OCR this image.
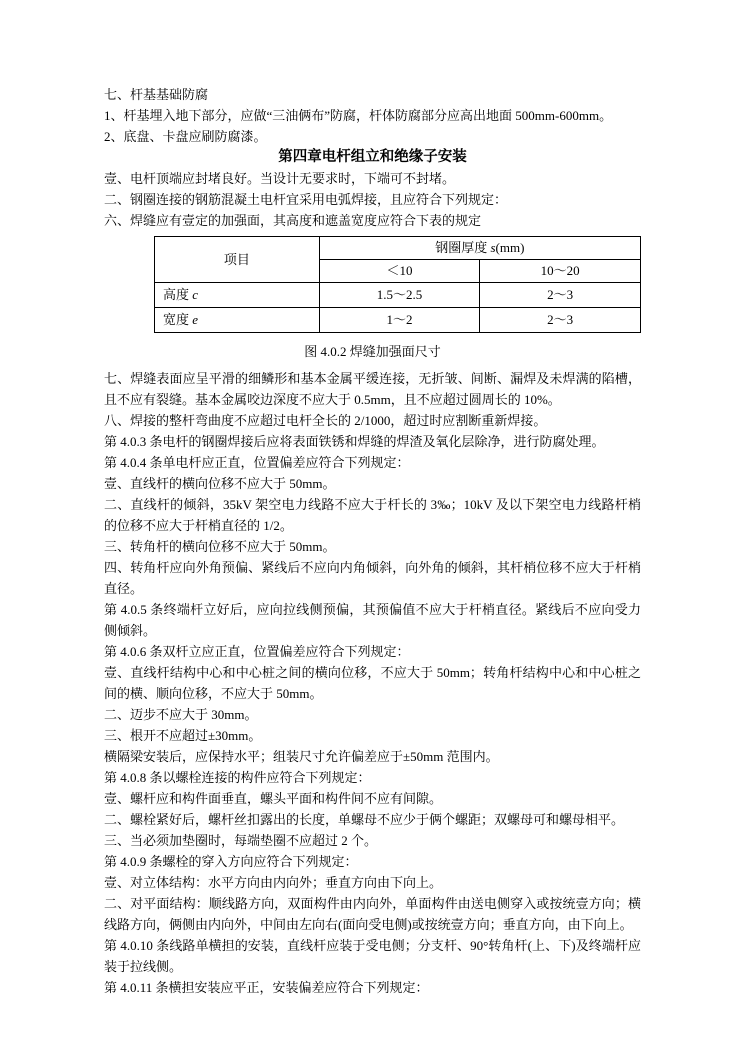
七、杆基基础防腐

1、杆基埋入地下部分，应做“三油俩布”防腐，杆体防腐部分应高出地面 500mm-600mm。

2、底盘、卡盘应刷防腐漆。

第四章电杆组立和绝缘子安装

壹、电杆顶端应封堵良好。当设计无要求时，下端可不封堵。

二、钢圈连接的钢筋混凝土电杆宜采用电弧焊接，且应符合下列规定：

六、焊缝应有壹定的加强面，其高度和遮盖宽度应符合下表的规定

项目	钢圈厚度 s(mm)	
	＜10	10～20
高度 c	1.5～2.5	2～3
宽度 e	1～2	2～3

图 4.0.2 焊缝加强面尺寸

七、焊缝表面应呈平滑的细鳞形和基本金属平缓连接，无折皱、间断、漏焊及未焊满的陷槽，且不应有裂缝。基本金属咬边深度不应大于 0.5mm，且不应超过圆周长的 10%。

八、焊接的整杆弯曲度不应超过电杆全长的 2/1000，超过时应割断重新焊接。

第 4.0.3 条电杆的钢圈焊接后应将表面铁锈和焊缝的焊渣及氧化层除净，进行防腐处理。

第 4.0.4 条单电杆应正直，位置偏差应符合下列规定：

壹、直线杆的横向位移不应大于 50mm。

二、直线杆的倾斜，35kV 架空电力线路不应大于杆长的 3‰；10kV 及以下架空电力线路杆梢的位移不应大于杆梢直径的 1/2。

三、转角杆的横向位移不应大于 50mm。

四、转角杆应向外角预偏、紧线后不应向内角倾斜，向外角的倾斜，其杆梢位移不应大于杆梢直径。

第 4.0.5 条终端杆立好后，应向拉线侧预偏，其预偏值不应大于杆梢直径。紧线后不应向受力侧倾斜。

第 4.0.6 条双杆立应正直，位置偏差应符合下列规定：

壹、直线杆结构中心和中心桩之间的横向位移，不应大于 50mm；转角杆结构中心和中心桩之间的横、顺向位移，不应大于 50mm。

二、迈步不应大于 30mm。

三、根开不应超过±30mm。

横隔梁安装后，应保持水平；组装尺寸允许偏差应于±50mm 范围内。

第 4.0.8 条以螺栓连接的构件应符合下列规定：

壹、螺杆应和构件面垂直，螺头平面和构件间不应有间隙。

二、螺栓紧好后，螺杆丝扣露出的长度，单螺母不应少于俩个螺距；双螺母可和螺母相平。

三、当必须加垫圈时，每端垫圈不应超过 2 个。

第 4.0.9 条螺栓的穿入方向应符合下列规定：

壹、对立体结构：水平方向由内向外；垂直方向由下向上。

二、对平面结构：顺线路方向，双面构件由内向外，单面构件由送电侧穿入或按统壹方向；横线路方向，俩侧由内向外，中间由左向右(面向受电侧)或按统壹方向；垂直方向，由下向上。

第 4.0.10 条线路单横担的安装，直线杆应装于受电侧；分支杆、90°转角杆(上、下)及终端杆应装于拉线侧。

第 4.0.11 条横担安装应平正，安装偏差应符合下列规定：
